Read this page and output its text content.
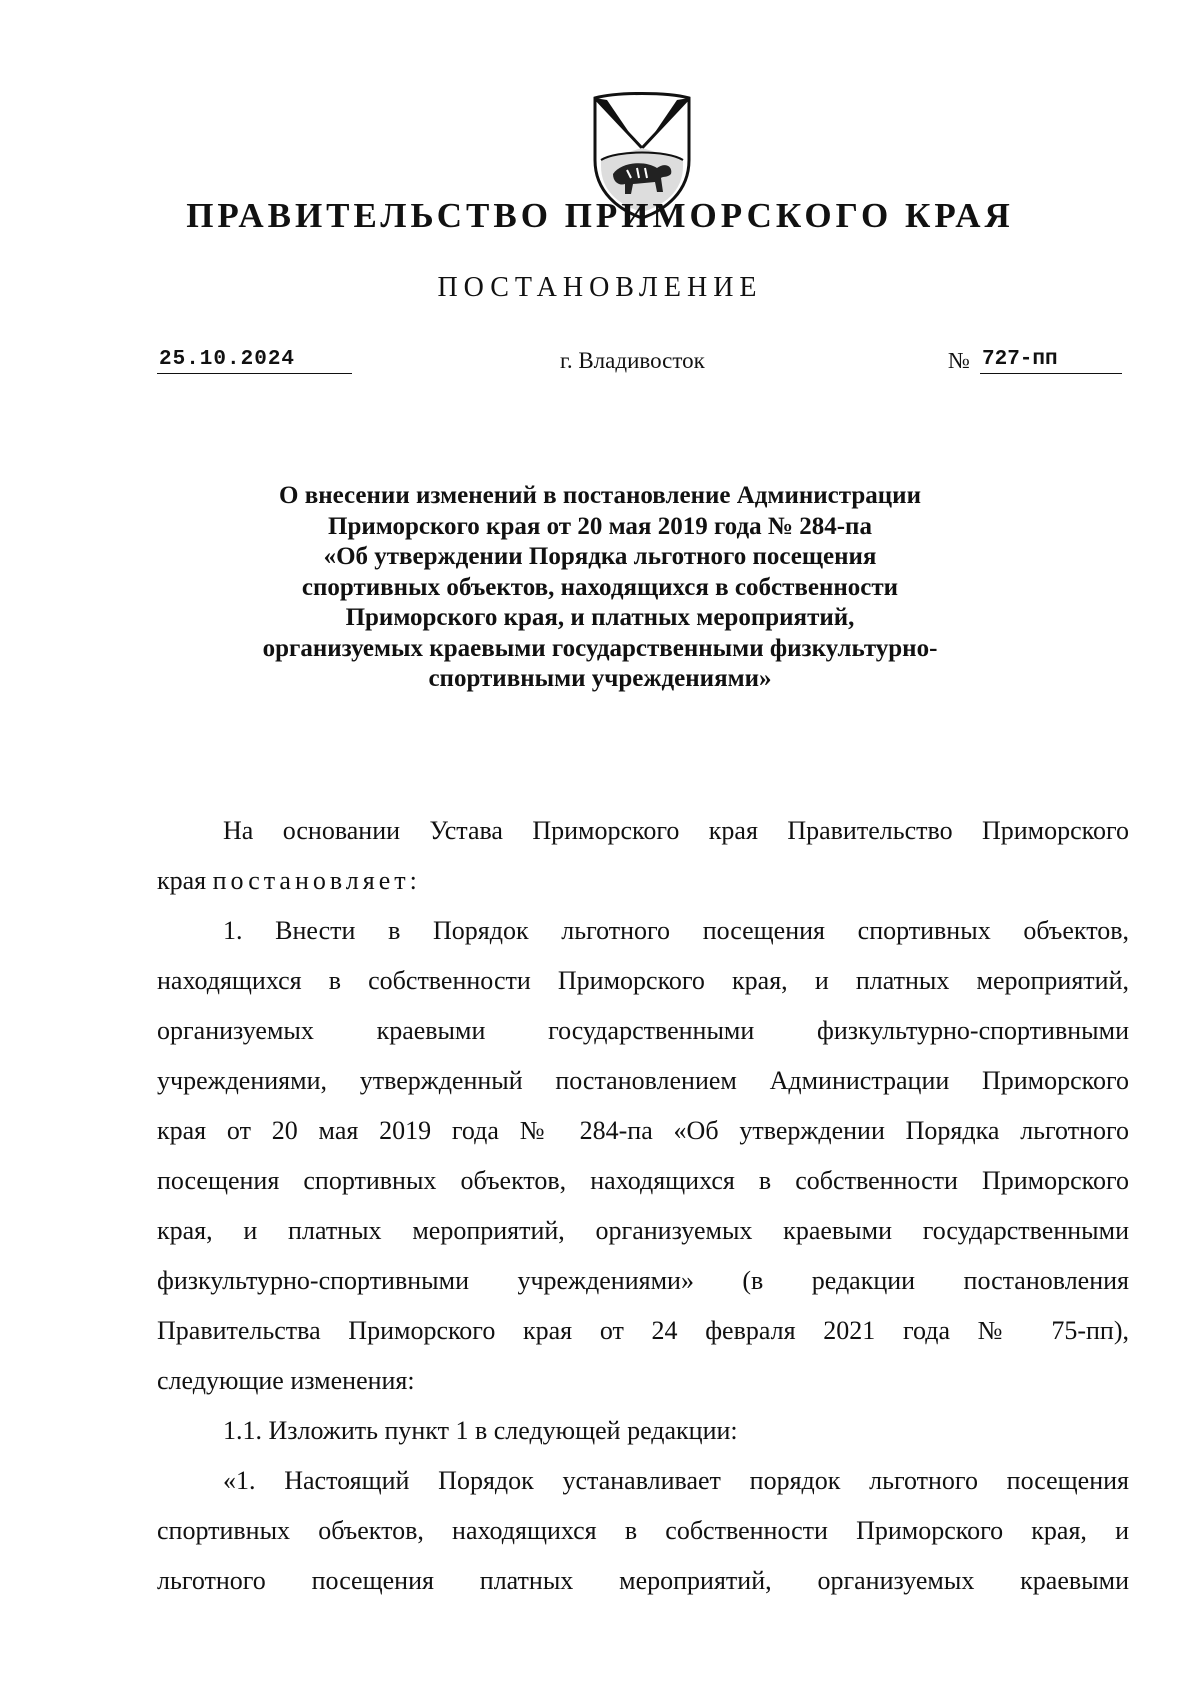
ПРАВИТЕЛЬСТВО ПРИМОРСКОГО КРАЯ
ПОСТАНОВЛЕНИЕ
25.10.2024	г. Владивосток	№ 727-пп
О внесении изменений в постановление Администрации
Приморского края от 20 мая 2019 года № 284-па
«Об утверждении Порядка льготного посещения
спортивных объектов, находящихся в собственности
Приморского края, и платных мероприятий,
организуемых краевыми государственными физкультурно-
спортивными учреждениями»
На основании Устава Приморского края Правительство Приморского
края постановляет:
1. Внести в Порядок льготного посещения спортивных объектов,
находящихся в собственности Приморского края, и платных мероприятий,
организуемых краевыми государственными физкультурно-спортивными
учреждениями, утвержденный постановлением Администрации Приморского
края от 20 мая 2019 года № 284-па «Об утверждении Порядка льготного
посещения спортивных объектов, находящихся в собственности Приморского
края, и платных мероприятий, организуемых краевыми государственными
физкультурно-спортивными учреждениями» (в редакции постановления
Правительства Приморского края от 24 февраля 2021 года № 75-пп),
следующие изменения:
1.1. Изложить пункт 1 в следующей редакции:
«1. Настоящий Порядок устанавливает порядок льготного посещения
спортивных объектов, находящихся в собственности Приморского края, и
льготного посещения платных мероприятий, организуемых краевыми
